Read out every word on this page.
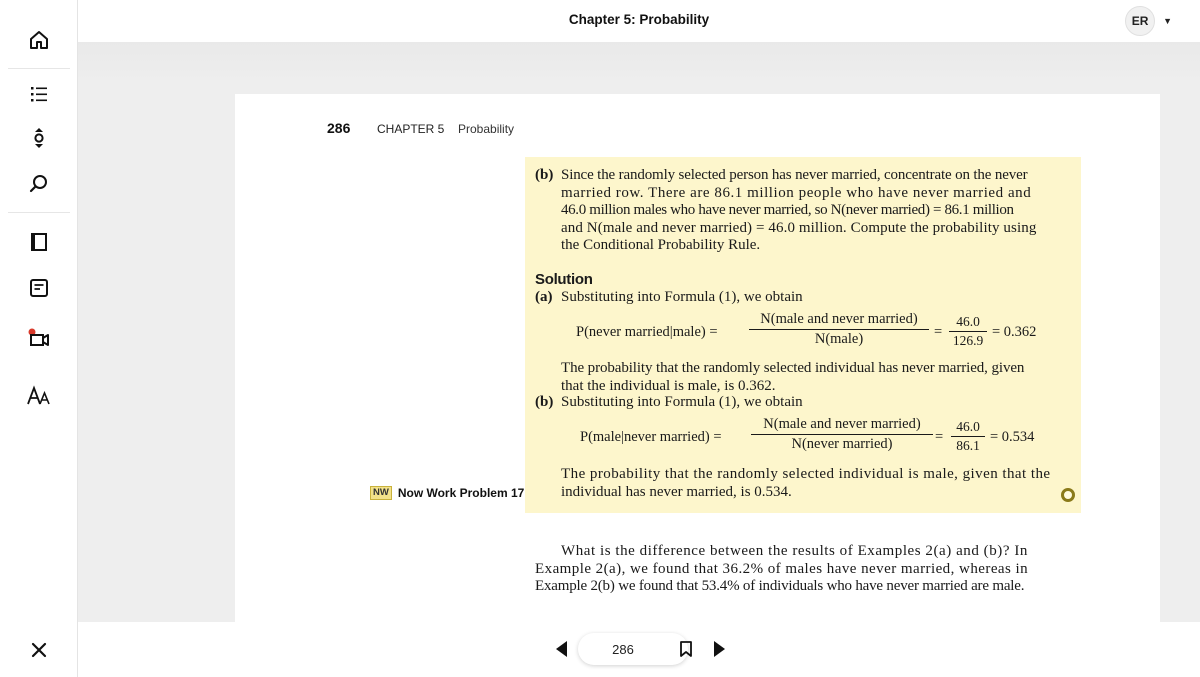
Chapter 5: Probability	ER	▼
286 CHAPTER 5 Probability
(b) Since the randomly selected person has never married, concentrate on the never
married row. There are 86.1 million people who have never married and
46.0 million males who have never married, so N(never married) = 86.1 million
and N(male and never married) = 46.0 million. Compute the probability using
the Conditional Probability Rule.
Solution
(a) Substituting into Formula (1), we obtain
P(never married|male) =
N(male and never married)
N(male)	= $\frac{46.0}{126.9} = 0.362$
The probability that the randomly selected individual has never married, given
that the individual is male, is 0.362.
(b) Substituting into Formula (1), we obtain
P(male|never married) =
N(male and never married)
N(never married)	= $\frac{46.0}{86.1} = 0.534$
The probability that the randomly selected individual is male, given that the
individual has never married, is 0.534.
NW Now Work Problem 17
What is the difference between the results of Examples 2(a) and (b)? In
Example 2(a), we found that 36.2% of males have never married, whereas in
Example 2(b) we found that 53.4% of individuals who have never married are male.
286
